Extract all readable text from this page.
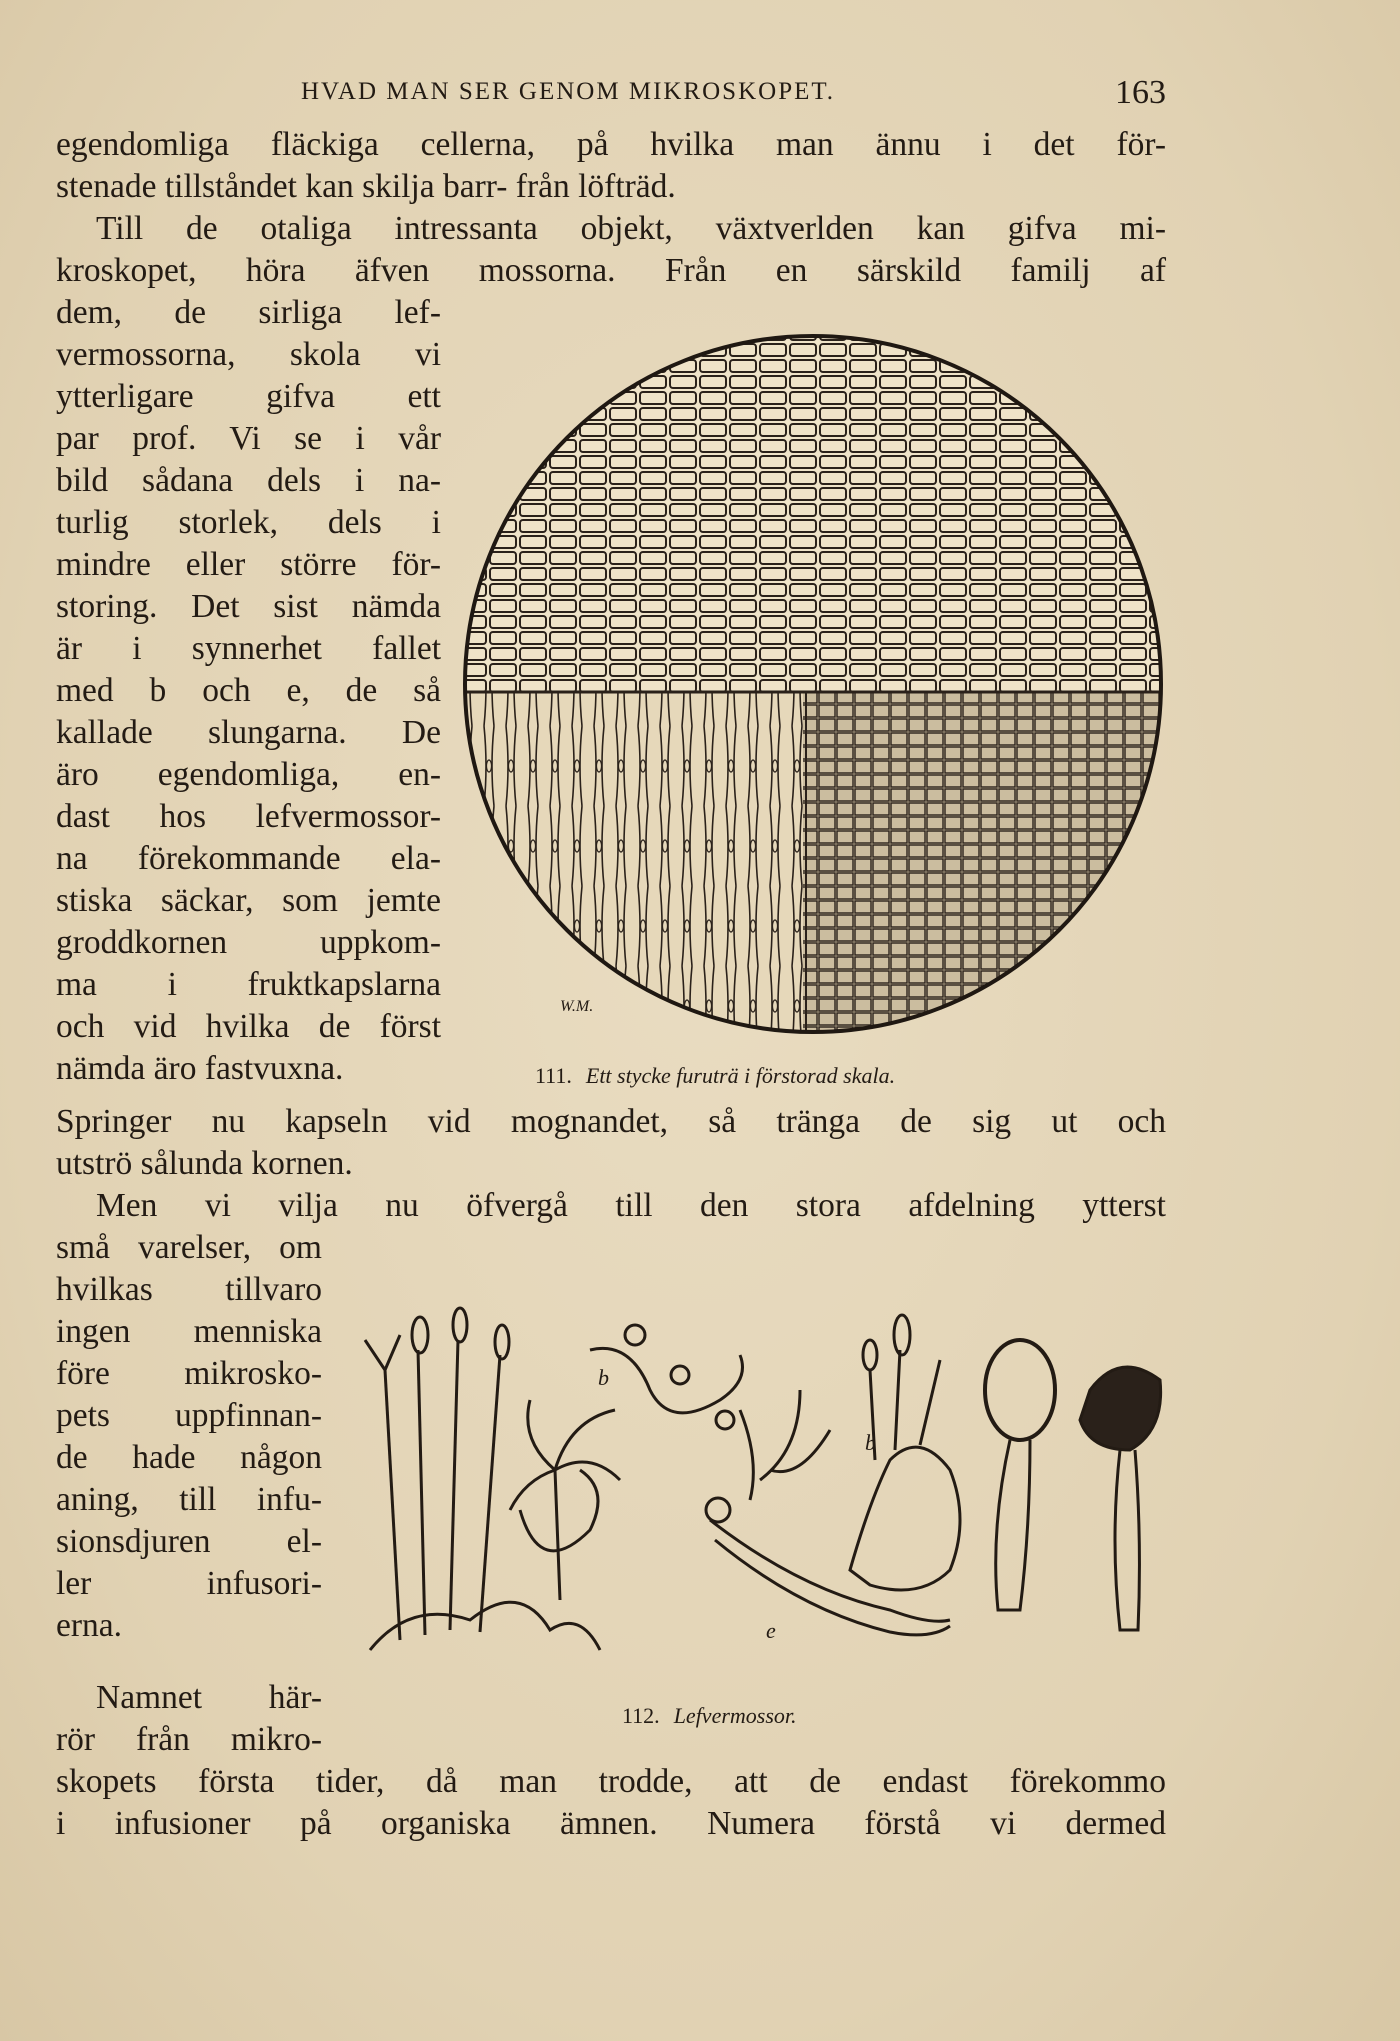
HVAD MAN SER GENOM MIKROSKOPET.	163
egendomliga fläckiga cellerna, på hvilka man ännu i det för-
stenade tillståndet kan skilja barr- från löfträd.
Till de otaliga intressanta objekt, växtverlden kan gifva mi-
kroskopet, höra äfven mossorna. Från en särskild familj af
dem, de sirliga lef-
vermossorna, skola vi
ytterligare gifva ett
par prof. Vi se i vår
bild sådana dels i na-
turlig storlek, dels i
mindre eller större för-
storing. Det sist nämda
är i synnerhet fallet
med b och e, de så
kallade slungarna. De
äro egendomliga, en-
dast hos lefvermossor-
na förekommande ela-
stiska säckar, som jemte
groddkornen uppkom-
ma i fruktkapslarna
och vid hvilka de först
nämda äro fastvuxna.
Springer nu kapseln vid mognandet, så tränga de sig ut och
utströ sålunda kornen.
Men vi vilja nu öfvergå till den stora afdelning ytterst
små varelser, om
hvilkas tillvaro
ingen menniska
före mikrosko-
pets uppfinnan-
de hade någon
aning, till infu-
sionsdjuren el-
ler infusori-
erna.
Namnet här-
rör från mikro-
skopets första tider, då man trodde, att de endast förekommo
i infusioner på organiska ämnen. Numera förstå vi dermed
W.M.
111. Ett stycke furuträ i förstorad skala.
b
b
e
112. Lefvermossor.
